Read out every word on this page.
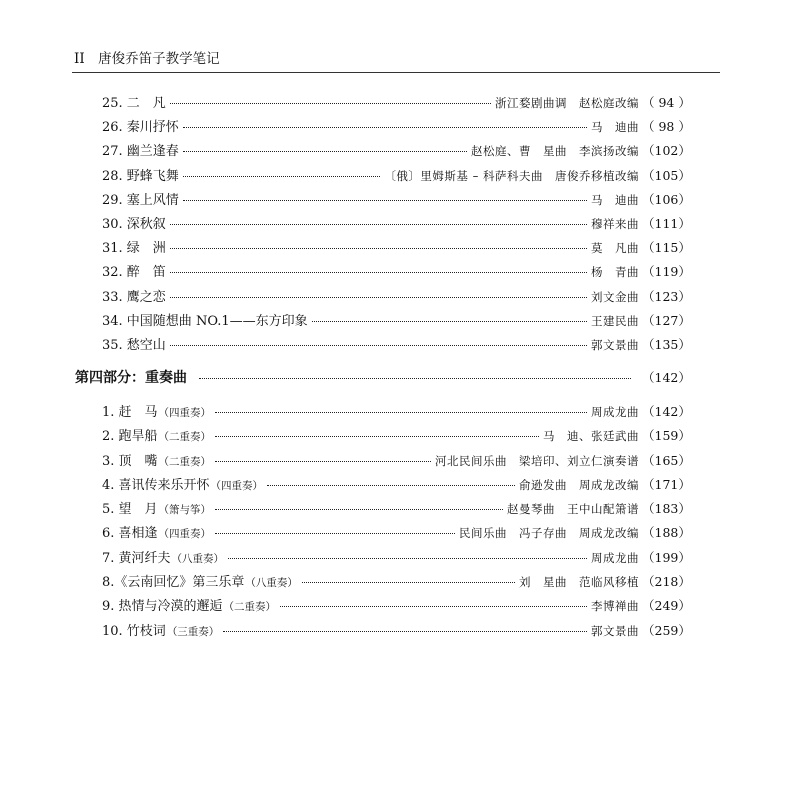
II　唐俊乔笛子教学笔记
25. 二　凡	浙江婺剧曲调　赵松庭改编 （ 94 ）
26. 秦川抒怀	马　迪曲 （ 98 ）
27. 幽兰逢春	赵松庭、曹　星曲　李滨扬改编 （102）
28. 野蜂飞舞	〔俄〕里姆斯基 – 科萨科夫曲　唐俊乔移植改编 （105）
29. 塞上风情	马　迪曲 （106）
30. 深秋叙	穆祥来曲 （111）
31. 绿　洲	莫　凡曲 （115）
32. 醉　笛	杨　青曲 （119）
33. 鹰之恋	刘文金曲 （123）
34. 中国随想曲 NO.1——东方印象	王建民曲 （127）
35. 愁空山	郭文景曲 （135）
第四部分：重奏曲	（142）
1. 赶　马（四重奏）	周成龙曲 （142）
2. 跑旱船（二重奏）	马　迪、张廷武曲 （159）
3. 顶　嘴（二重奏）	河北民间乐曲　梁培印、刘立仁演奏谱 （165）
4. 喜讯传来乐开怀（四重奏）	俞逊发曲　周成龙改编 （171）
5. 望　月（箫与筝）	赵曼琴曲　王中山配箫谱 （183）
6. 喜相逢（四重奏）	民间乐曲　冯子存曲　周成龙改编 （188）
7. 黄河纤夫（八重奏）	周成龙曲 （199）
8.《云南回忆》第三乐章（八重奏）	刘　星曲　范临风移植 （218）
9. 热情与冷漠的邂逅（二重奏）	李博禅曲 （249）
10. 竹枝词（三重奏）	郭文景曲 （259）
